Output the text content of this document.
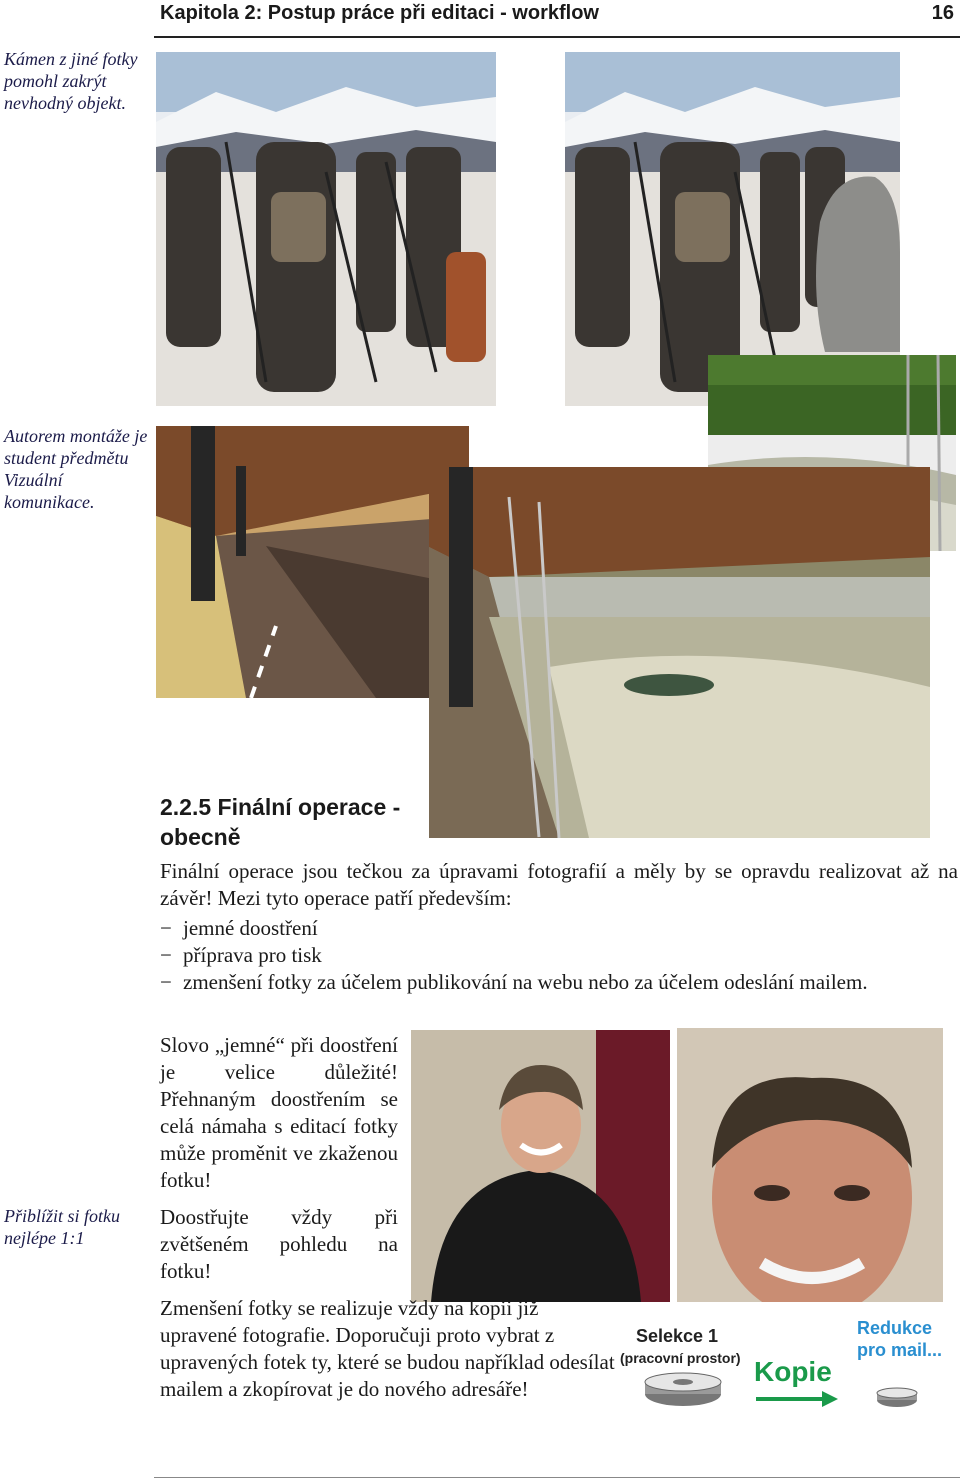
Kapitola 2: Postup práce při editaci - workflow	16
Kámen z jiné fotky pomohl zakrýt nevhodný objekt.
Autorem montáže je student předmětu Vizuální komunikace.
Přiblížit si fotku nejlépe 1:1
2.2.5 Finální operace - obecně
Finální operace jsou tečkou za úpravami fotografií a měly by se opravdu realizovat až na závěr! Mezi tyto operace patří především:
− jemné doostření
− příprava pro tisk
− zmenšení fotky za účelem publikování na webu nebo za účelem odeslání mailem.
Slovo „jemné“ při doostření je velice důležité! Přehnaným doostřením se celá námaha s editací fotky může proměnit ve zkaženou fotku!
Doostřujte vždy při zvětšeném pohledu na fotku!
Zmenšení fotky se realizuje vždy na kopii již upravené fotografie. Doporučuji proto vybrat z upravených fotek ty, které se budou například odesílat mailem a zkopírovat je do nového adresáře!
Selekce 1
(pracovní prostor) Kopie
Redukce
pro mail...
